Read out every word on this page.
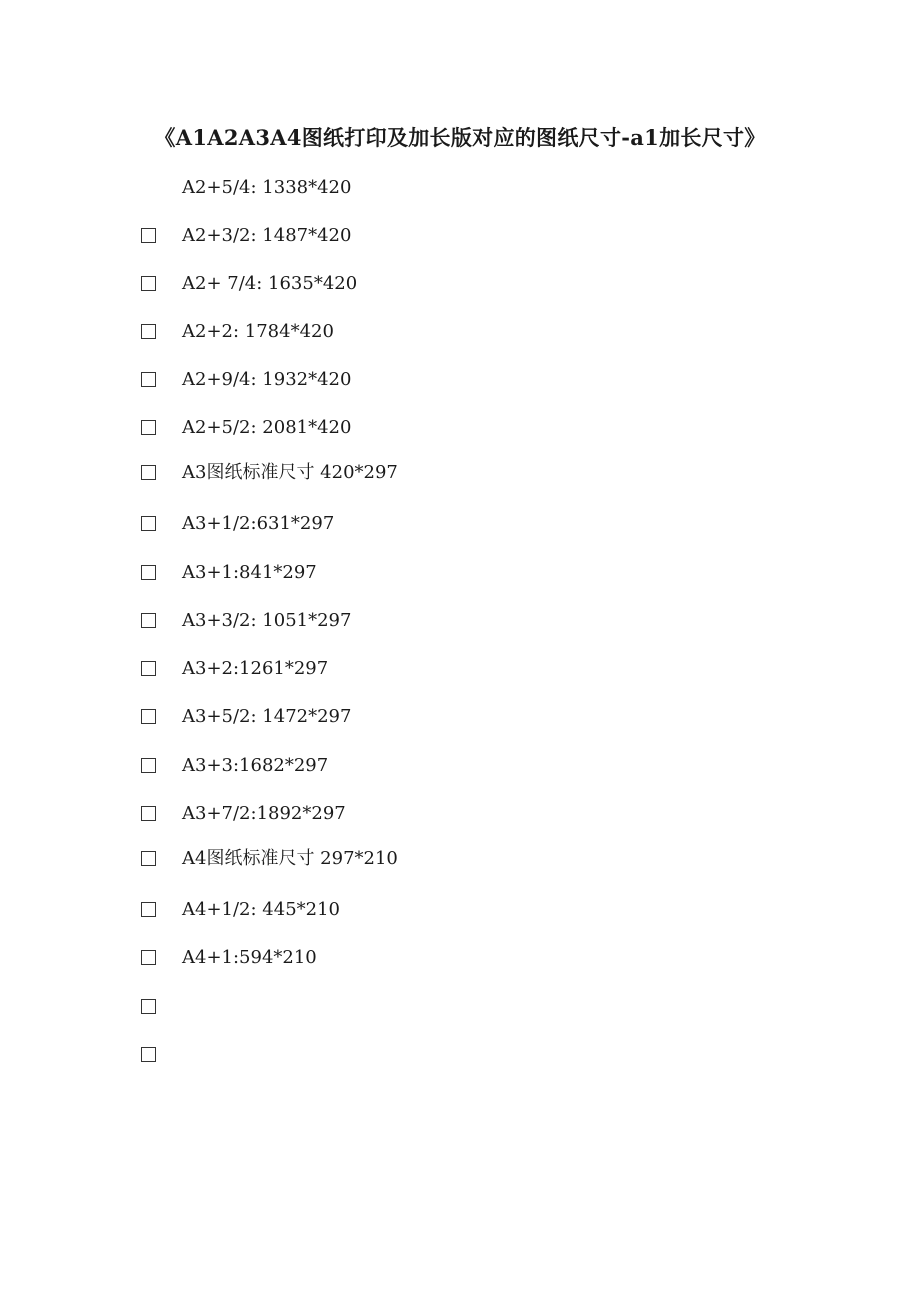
《A1A2A3A4图纸打印及加长版对应的图纸尺寸-a1加长尺寸》
A2+5/4: 1338*420
A2+3/2: 1487*420
A2+ 7/4: 1635*420
A2+2: 1784*420
A2+9/4: 1932*420
A2+5/2: 2081*420
A3图纸标准尺寸 420*297
A3+1/2:631*297
A3+1:841*297
A3+3/2: 1051*297
A3+2:1261*297
A3+5/2: 1472*297
A3+3:1682*297
A3+7/2:1892*297
A4图纸标准尺寸 297*210
A4+1/2: 445*210
A4+1:594*210
